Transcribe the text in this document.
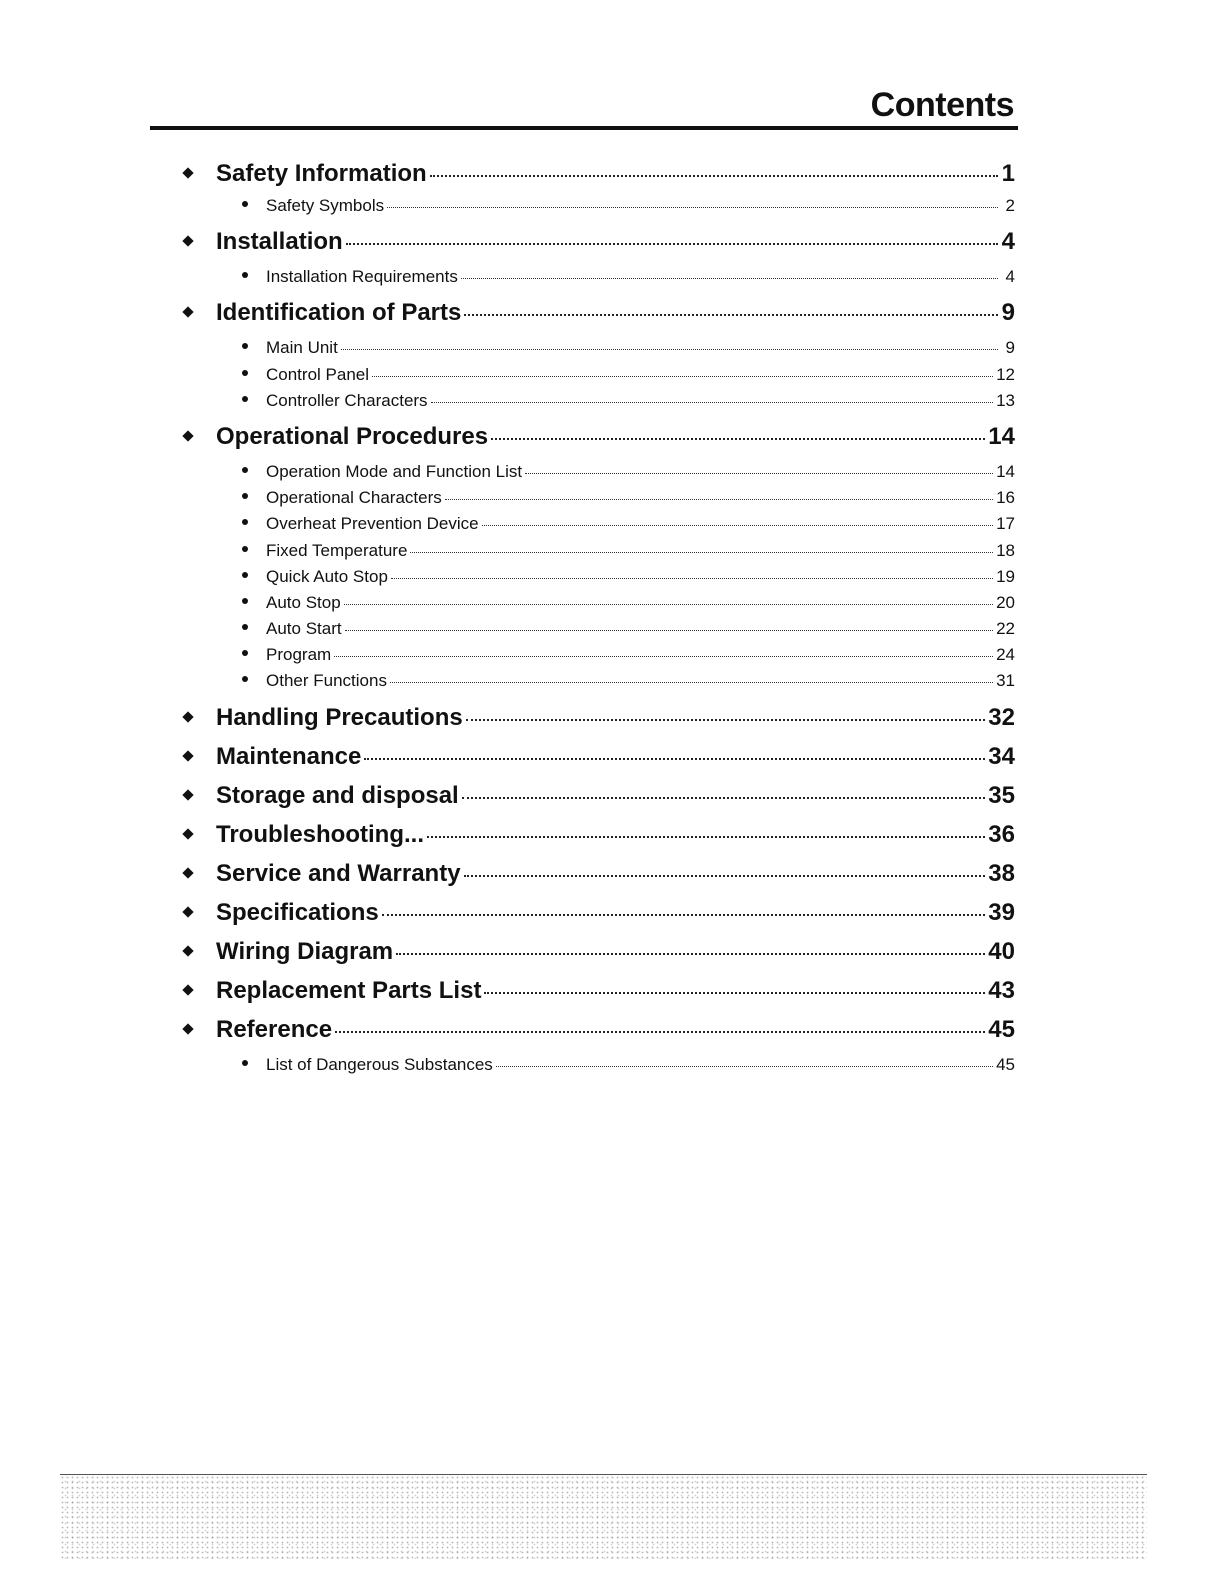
Contents
Safety Information	1
Safety Symbols	2
Installation	4
Installation Requirements	4
Identification of Parts	9
Main Unit	9
Control Panel	12
Controller Characters	13
Operational Procedures	14
Operation Mode and Function List	14
Operational Characters	16
Overheat Prevention Device	17
Fixed Temperature	18
Quick Auto Stop	19
Auto Stop	20
Auto Start	22
Program	24
Other Functions	31
Handling Precautions	32
Maintenance	34
Storage and disposal	35
Troubleshooting...	36
Service and Warranty	38
Specifications	39
Wiring Diagram	40
Replacement Parts List	43
Reference	45
List of Dangerous Substances	45
